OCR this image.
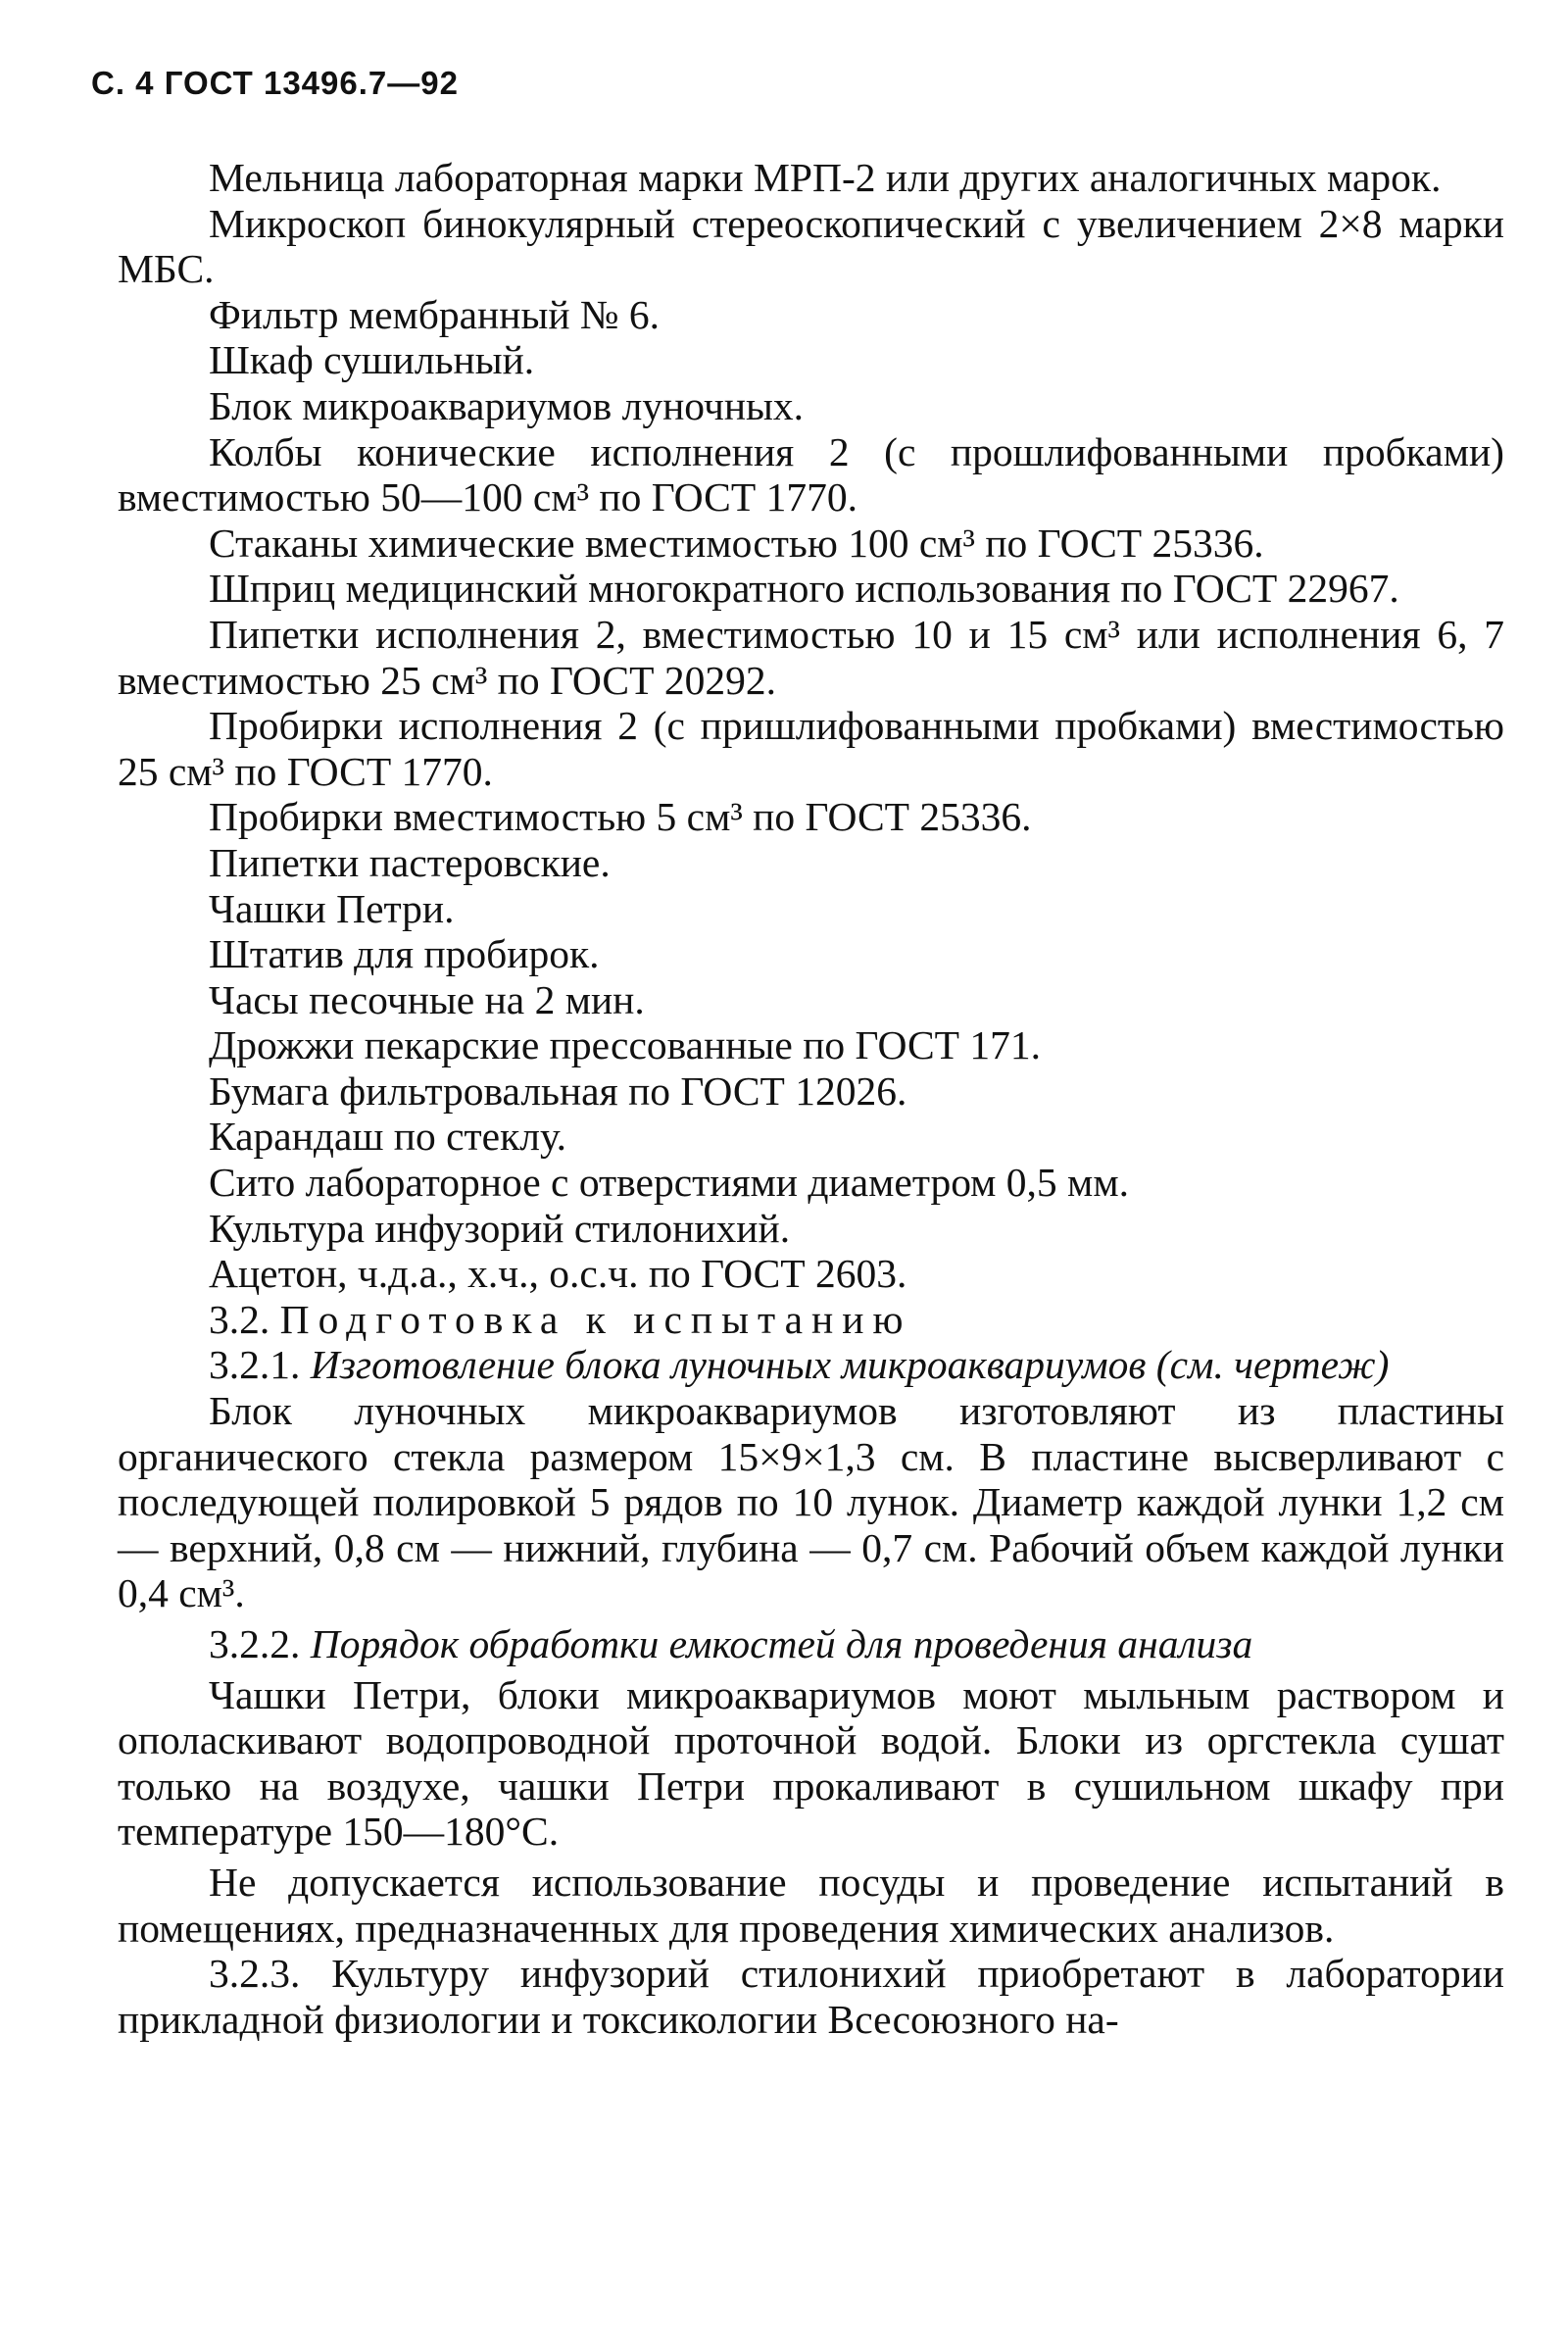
С. 4 ГОСТ 13496.7—92

Мельница лабораторная марки МРП-2 или других аналогичных марок.

Микроскоп бинокулярный стереоскопический с увеличением 2×8 марки МБС.

Фильтр мембранный № 6.

Шкаф сушильный.

Блок микроаквариумов луночных.

Колбы конические исполнения 2 (с прошлифованными пробками) вместимостью 50—100 см³ по ГОСТ 1770.

Стаканы химические вместимостью 100 см³ по ГОСТ 25336.

Шприц медицинский многократного использования по ГОСТ 22967.

Пипетки исполнения 2, вместимостью 10 и 15 см³ или исполнения 6, 7 вместимостью 25 см³ по ГОСТ 20292.

Пробирки исполнения 2 (с пришлифованными пробками) вместимостью 25 см³ по ГОСТ 1770.

Пробирки вместимостью 5 см³ по ГОСТ 25336.

Пипетки пастеровские.

Чашки Петри.

Штатив для пробирок.

Часы песочные на 2 мин.

Дрожжи пекарские прессованные по ГОСТ 171.

Бумага фильтровальная по ГОСТ 12026.

Карандаш по стеклу.

Сито лабораторное с отверстиями диаметром 0,5 мм.

Культура инфузорий стилонихий.

Ацетон, ч.д.а., х.ч., о.с.ч. по ГОСТ 2603.

3.2. Подготовка к испытанию

3.2.1. Изготовление блока луночных микроаквариумов (см. чертеж)

Блок луночных микроаквариумов изготовляют из пластины органического стекла размером 15×9×1,3 см. В пластине высверливают с последующей полировкой 5 рядов по 10 лунок. Диаметр каждой лунки 1,2 см — верхний, 0,8 см — нижний, глубина — 0,7 см. Рабочий объем каждой лунки 0,4 см³.

3.2.2. Порядок обработки емкостей для проведения анализа

Чашки Петри, блоки микроаквариумов моют мыльным раствором и ополаскивают водопроводной проточной водой. Блоки из оргстекла сушат только на воздухе, чашки Петри прокаливают в сушильном шкафу при температуре 150—180°С.

Не допускается использование посуды и проведение испытаний в помещениях, предназначенных для проведения химических анализов.

3.2.3. Культуру инфузорий стилонихий приобретают в лаборатории прикладной физиологии и токсикологии Всесоюзного на-
